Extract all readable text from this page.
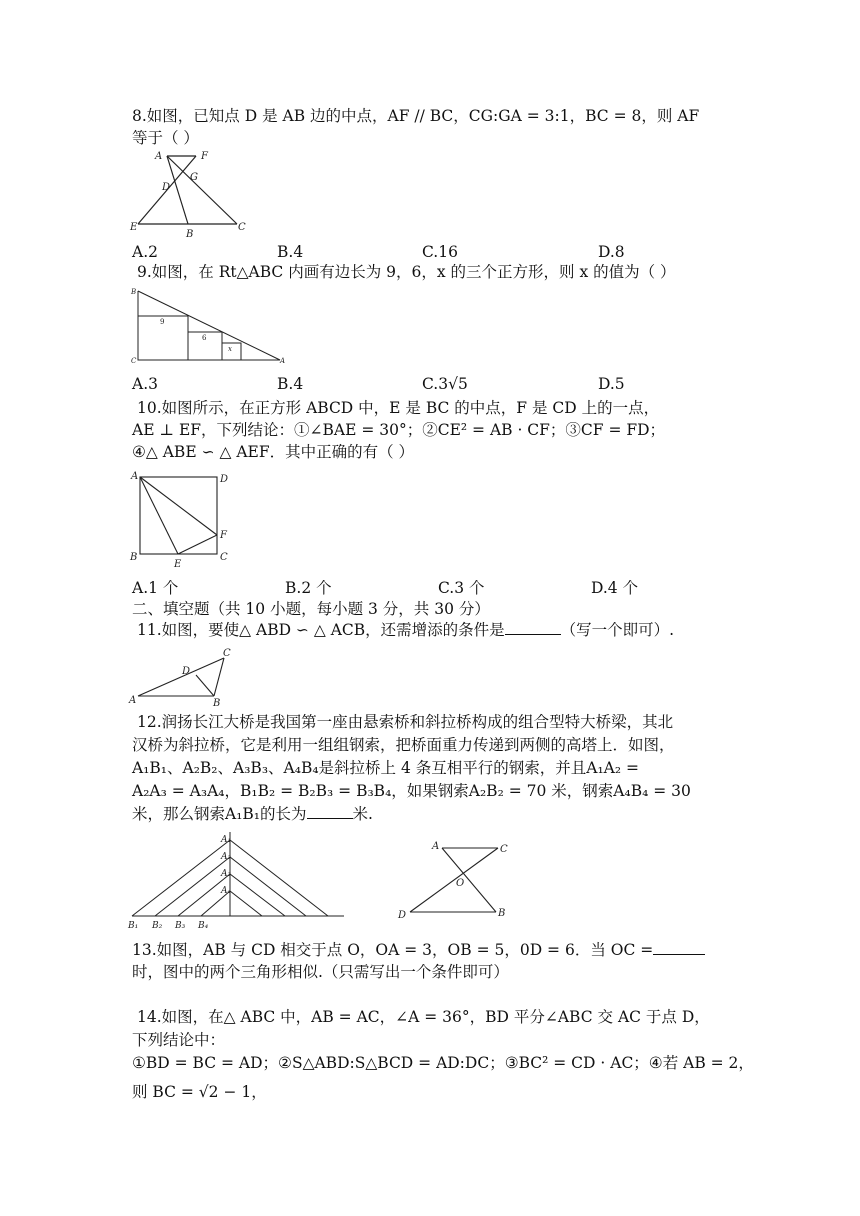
8.如图，已知点 D 是 AB 边的中点，AF // BC，CG:GA = 3:1，BC = 8，则 AF
等于（ ）
A	F
G
D
E
B
C
A.2	B.4	C.16	D.8
9.如图，在 Rt△ABC 内画有边长为 9，6，x 的三个正方形，则 x 的值为（ ）
B
C	A
9
6
x
A.3	B.4	C.3√5	D.5
10.如图所示，在正方形 ABCD 中，E 是 BC 的中点，F 是 CD 上的一点，
AE ⊥ EF，下列结论：①∠BAE = 30°；②CE² = AB · CF；③CF = FD；
④△ ABE ∽ △ AEF．其中正确的有（ ）
A	D
B
E
C
F
A.1 个	B.2 个	C.3 个	D.4 个
二、填空题（共 10 小题，每小题 3 分，共 30 分）
11.如图，要使△ ABD ∽ △ ACB，还需增添的条件是	（写一个即可）.
A	B
C
D
12.润扬长江大桥是我国第一座由悬索桥和斜拉桥构成的组合型特大桥梁，其北
汉桥为斜拉桥，它是利用一组组钢索，把桥面重力传递到两侧的高塔上．如图，
A₁B₁、A₂B₂、A₃B₃、A₄B₄是斜拉桥上 4 条互相平行的钢索，并且A₁A₂ =
A₂A₃ = A₃A₄，B₁B₂ = B₂B₃ = B₃B₄，如果钢索A₂B₂ = 70 米，钢索A₄B₄ = 30
米，那么钢索A₁B₁的长为	米.
A₁
A₂
A₃
A₄
B₁ B₂ B₃ B₄
A	C
O
D	B
13.如图，AB 与 CD 相交于点 O，OA = 3，OB = 5，0D = 6．当 OC =
时，图中的两个三角形相似.（只需写出一个条件即可）
14.如图，在△ ABC 中，AB = AC，∠A = 36°，BD 平分∠ABC 交 AC 于点 D，
下列结论中：
①BD = BC = AD；②S△ABD:S△BCD = AD:DC；③BC² = CD · AC；④若 AB = 2，
则 BC = √2 − 1，
